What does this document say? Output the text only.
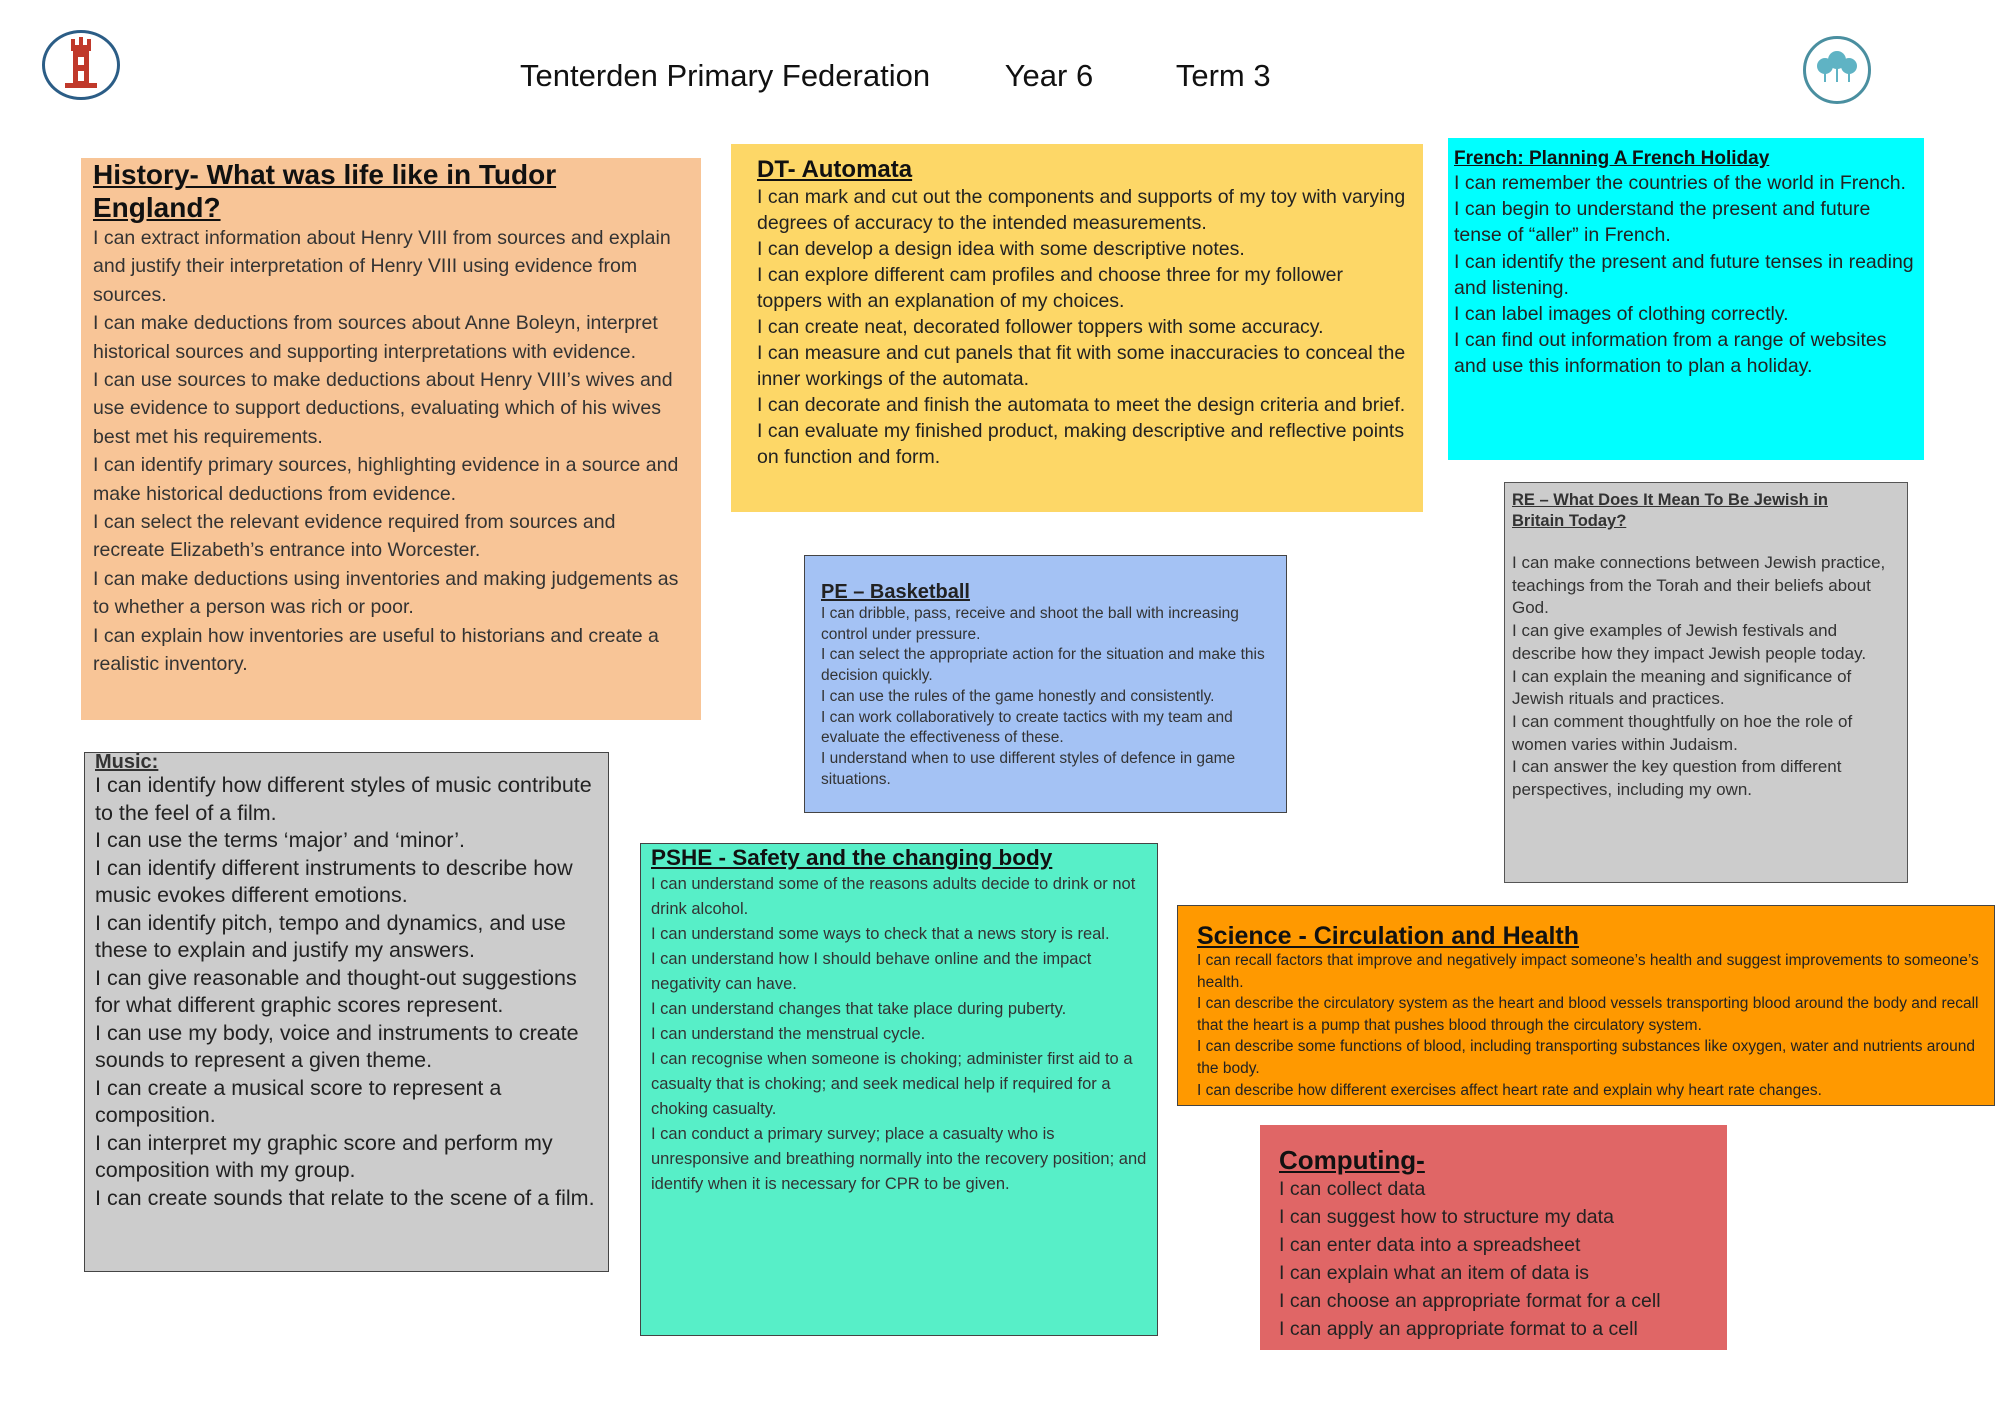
Tenterden Primary Federation Year 6	Term 3

History- What was life like in Tudor England?

I can extract information about Henry VIII from sources and explain and justify their interpretation of Henry VIII using evidence from sources.

I can make deductions from sources about Anne Boleyn, interpret historical sources and supporting interpretations with evidence.

I can use sources to make deductions about Henry VIII’s wives and use evidence to support deductions, evaluating which of his wives best met his requirements.

I can identify primary sources, highlighting evidence in a source and make historical deductions from evidence.

I can select the relevant evidence required from sources and recreate Elizabeth’s entrance into Worcester.

I can make deductions using inventories and making judgements as to whether a person was rich or poor.

I can explain how inventories are useful to historians and create a realistic inventory.

DT- Automata

I can mark and cut out the components and supports of my toy with varying degrees of accuracy to the intended measurements.

I can develop a design idea with some descriptive notes.

I can explore different cam profiles and choose three for my follower toppers with an explanation of my choices.

I can create neat, decorated follower toppers with some accuracy.

I can measure and cut panels that fit with some inaccuracies to conceal the inner workings of the automata.

I can decorate and finish the automata to meet the design criteria and brief.

I can evaluate my finished product, making descriptive and reflective points on function and form.

French: Planning A French Holiday

I can remember the countries of the world in French.

I can begin to understand the present and future tense of “aller” in French.

I can identify the present and future tenses in reading and listening.

I can label images of clothing correctly.

I can find out information from a range of websites and use this information to plan a holiday.

RE – What Does It Mean To Be Jewish in Britain Today?

I can make connections between Jewish practice, teachings from the Torah and their beliefs about God.

I can give examples of Jewish festivals and describe how they impact Jewish people today.

I can explain the meaning and significance of Jewish rituals and practices.

I can comment thoughtfully on hoe the role of women varies within Judaism.

I can answer the key question from different perspectives, including my own.

PE – Basketball

I can dribble, pass, receive and shoot the ball with increasing control under pressure.

I can select the appropriate action for the situation and make this decision quickly.

I can use the rules of the game honestly and consistently.

I can work collaboratively to create tactics with my team and evaluate the effectiveness of these.

I understand when to use different styles of defence in game situations.

Music:

I can identify how different styles of music contribute to the feel of a film.

I can use the terms ‘major’ and ‘minor’.

I can identify different instruments to describe how music evokes different emotions.

I can identify pitch, tempo and dynamics, and use these to explain and justify my answers.

I can give reasonable and thought-out suggestions for what different graphic scores represent.

I can use my body, voice and instruments to create sounds to represent a given theme.

I can create a musical score to represent a composition.

I can interpret my graphic score and perform my composition with my group.

I can create sounds that relate to the scene of a film.

PSHE - Safety and the changing body

I can understand some of the reasons adults decide to drink or not drink alcohol.

I can understand some ways to check that a news story is real.

I can understand how I should behave online and the impact negativity can have.

I can understand changes that take place during puberty.

I can understand the menstrual cycle.

I can recognise when someone is choking; administer first aid to a casualty that is choking; and seek medical help if required for a choking casualty.

I can conduct a primary survey; place a casualty who is unresponsive and breathing normally into the recovery position; and identify when it is necessary for CPR to be given.

Science - Circulation and Health

I can recall factors that improve and negatively impact someone’s health and suggest improvements to someone’s health.

I can describe the circulatory system as the heart and blood vessels transporting blood around the body and recall that the heart is a pump that pushes blood through the circulatory system.

I can describe some functions of blood, including transporting substances like oxygen, water and nutrients around the body.

I can describe how different exercises affect heart rate and explain why heart rate changes.

Computing-

I can collect data

I can suggest how to structure my data

I can enter data into a spreadsheet

I can explain what an item of data is

I can choose an appropriate format for a cell

I can apply an appropriate format to a cell
